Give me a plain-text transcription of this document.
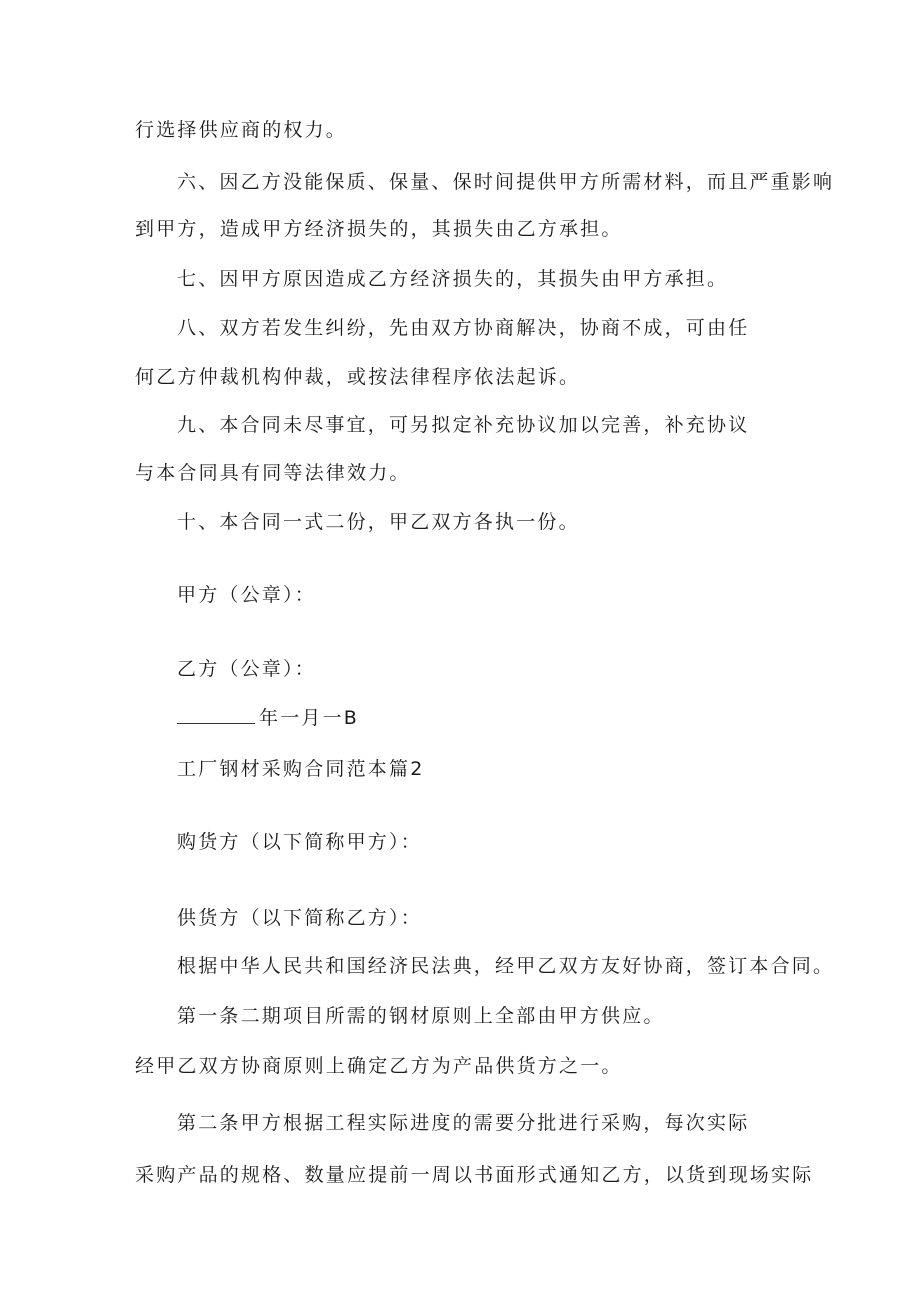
行选择供应商的权力。
六、因乙方没能保质、保量、保时间提供甲方所需材料，而且严重影响
到甲方，造成甲方经济损失的，其损失由乙方承担。
七、因甲方原因造成乙方经济损失的，其损失由甲方承担。
八、双方若发生纠纷，先由双方协商解决，协商不成，可由任
何乙方仲裁机构仲裁，或按法律程序依法起诉。
九、本合同未尽事宜，可另拟定补充协议加以完善，补充协议
与本合同具有同等法律效力。
十、本合同一式二份，甲乙双方各执一份。
甲方（公章）：
乙方（公章）：
年一月一B
工厂钢材采购合同范本篇2
购货方（以下简称甲方）：
供货方（以下简称乙方）：
根据中华人民共和国经济民法典，经甲乙双方友好协商，签订本合同。
第一条二期项目所需的钢材原则上全部由甲方供应。
经甲乙双方协商原则上确定乙方为产品供货方之一。
第二条甲方根据工程实际进度的需要分批进行采购，每次实际
采购产品的规格、数量应提前一周以书面形式通知乙方，以货到现场实际
